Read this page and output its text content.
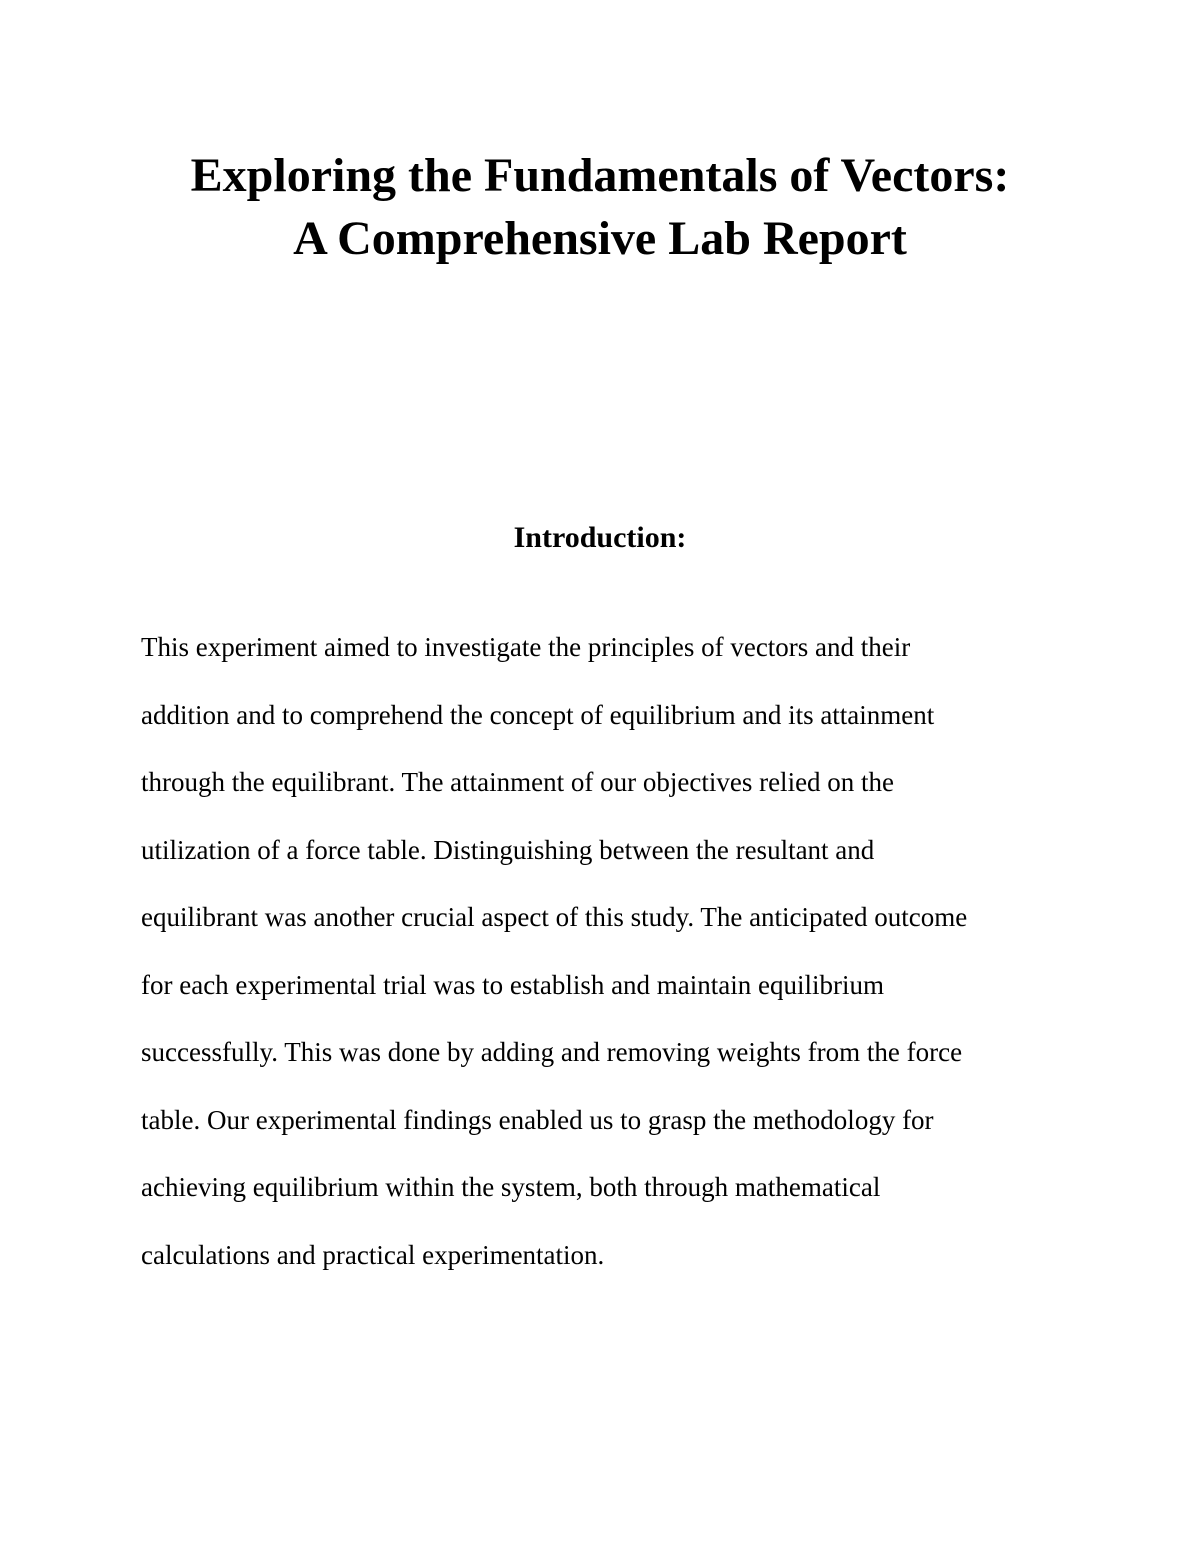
Exploring the Fundamentals of Vectors:
A Comprehensive Lab Report
Introduction:
This experiment aimed to investigate the principles of vectors and their
addition and to comprehend the concept of equilibrium and its attainment
through the equilibrant. The attainment of our objectives relied on the
utilization of a force table. Distinguishing between the resultant and
equilibrant was another crucial aspect of this study. The anticipated outcome
for each experimental trial was to establish and maintain equilibrium
successfully. This was done by adding and removing weights from the force
table. Our experimental findings enabled us to grasp the methodology for
achieving equilibrium within the system, both through mathematical
calculations and practical experimentation.
